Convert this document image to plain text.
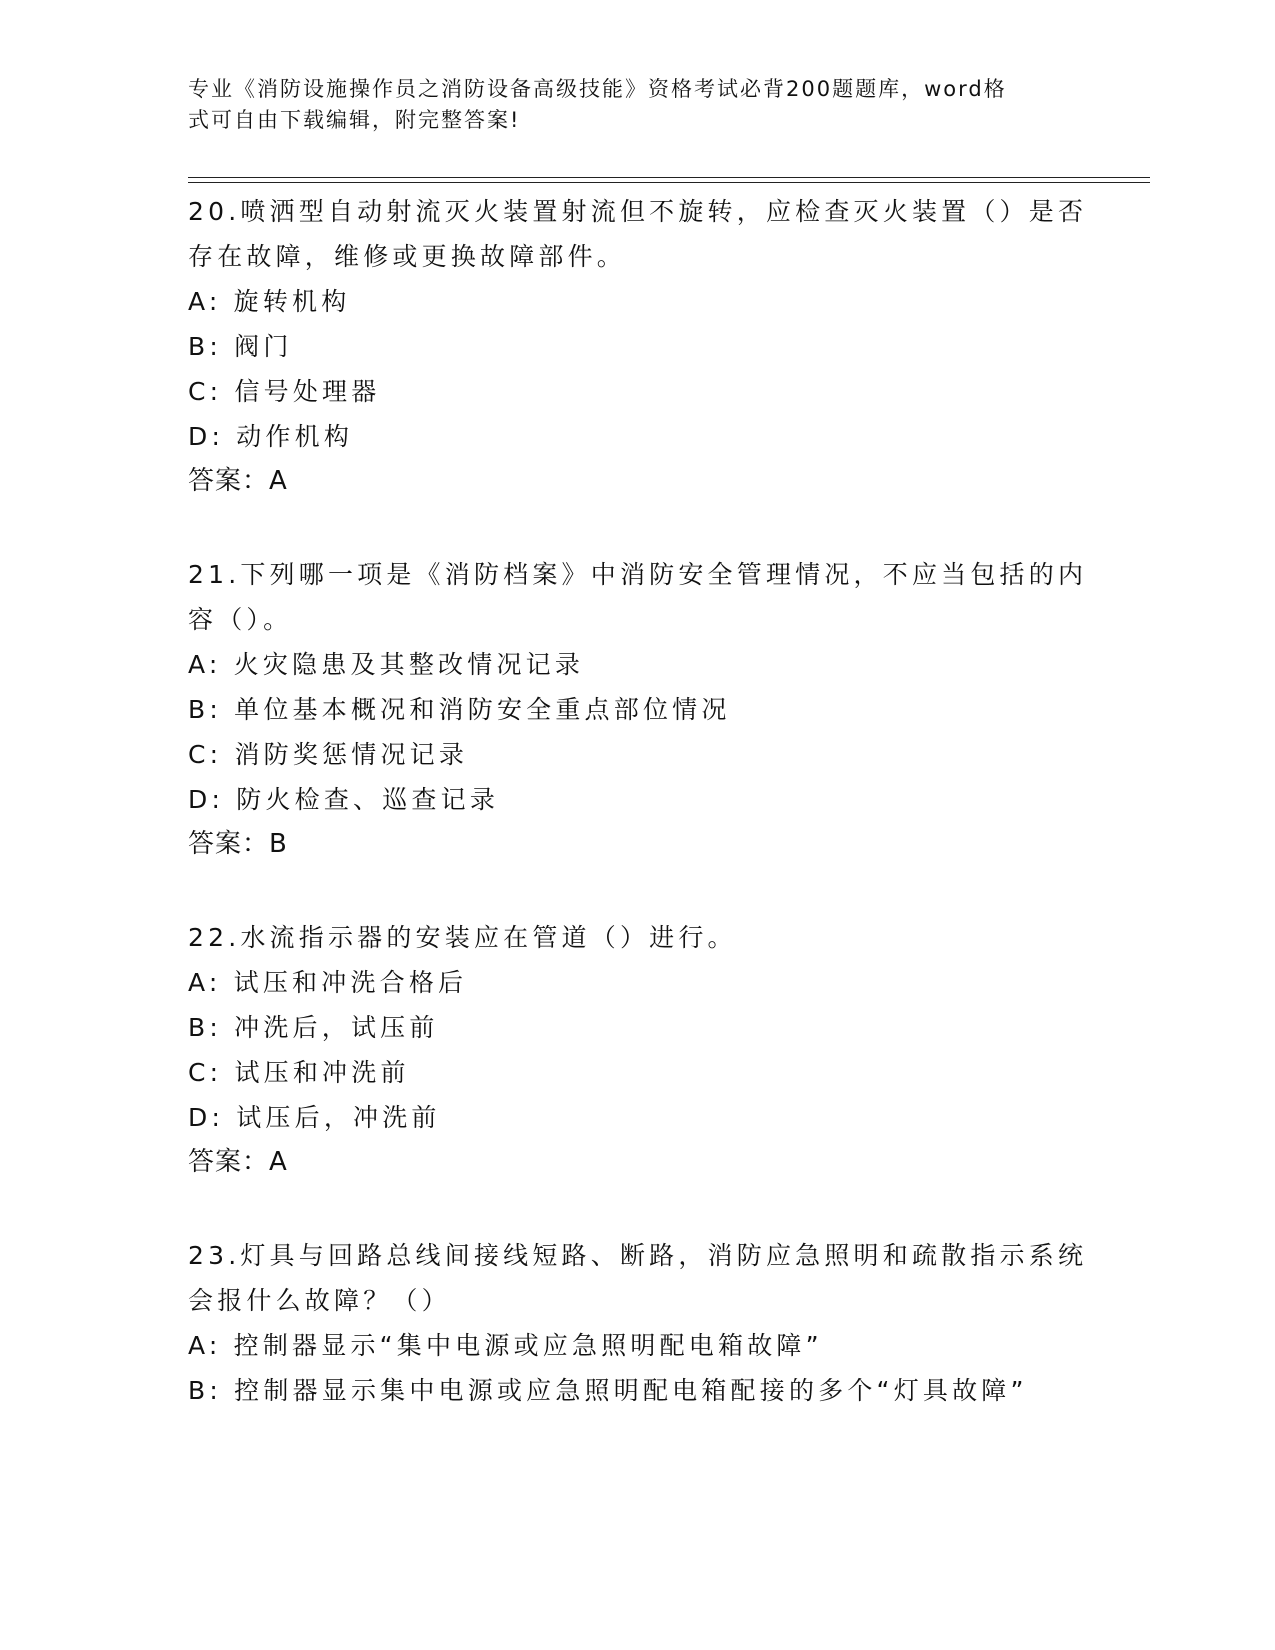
专业《消防设施操作员之消防设备高级技能》资格考试必背200题题库，word格
式可自由下载编辑，附完整答案!

20.喷洒型自动射流灭火装置射流但不旋转，应检查灭火装置（）是否

存在故障，维修或更换故障部件。

A: 旋转机构

B: 阀门

C: 信号处理器

D: 动作机构

答案：A

21.下列哪一项是《消防档案》中消防安全管理情况，不应当包括的内

容（）。

A: 火灾隐患及其整改情况记录

B: 单位基本概况和消防安全重点部位情况

C: 消防奖惩情况记录

D: 防火检查、巡查记录

答案：B

22.水流指示器的安装应在管道（）进行。

A: 试压和冲洗合格后

B: 冲洗后，试压前

C: 试压和冲洗前

D: 试压后，冲洗前

答案：A

23.灯具与回路总线间接线短路、断路，消防应急照明和疏散指示系统

会报什么故障？（）

A: 控制器显示“集中电源或应急照明配电箱故障”

B: 控制器显示集中电源或应急照明配电箱配接的多个“灯具故障”
